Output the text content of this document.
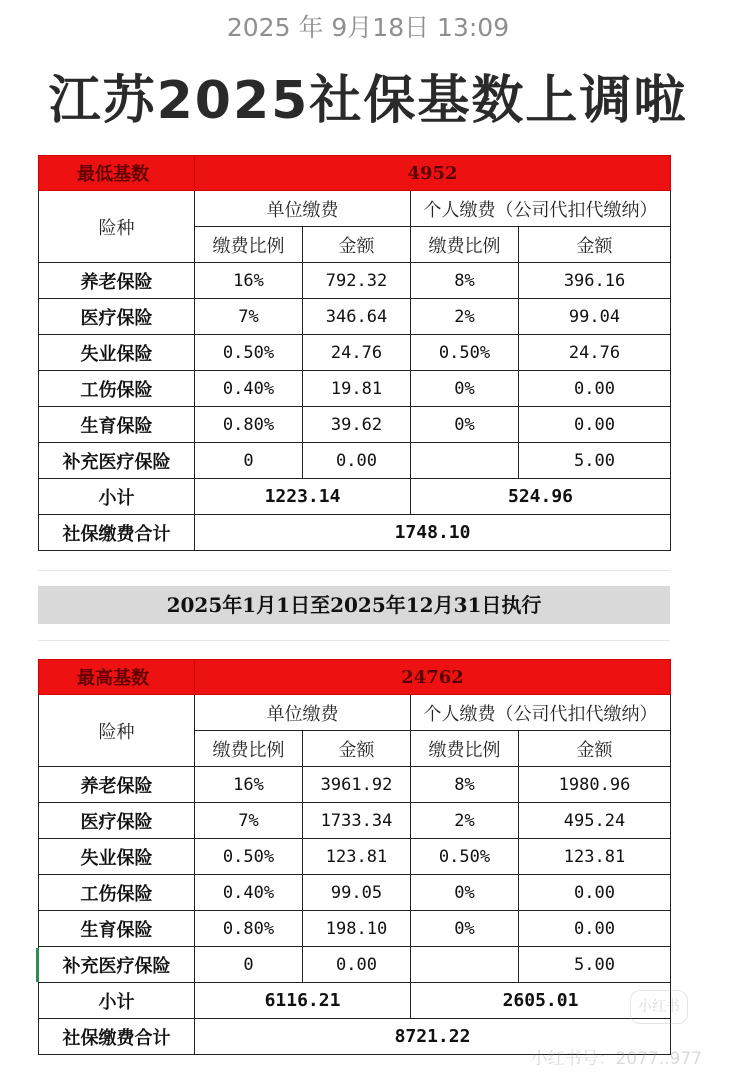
2025 年 9月18日 13:09
江苏2025社保基数上调啦
最低基数	4952			
险种	单位缴费		个人缴费（公司代扣代缴纳）	
	缴费比例	金额	缴费比例	金额
养老保险	16%	792.32	8%	396.16
医疗保险	7%	346.64	2%	99.04
失业保险	0.50%	24.76	0.50%	24.76
工伤保险	0.40%	19.81	0%	0.00
生育保险	0.80%	39.62	0%	0.00
补充医疗保险	0	0.00		5.00
小计	1223.14		524.96	
社保缴费合计	1748.10			
2025年1月1日至2025年12月31日执行
最高基数	24762			
险种	单位缴费		个人缴费（公司代扣代缴纳）	
	缴费比例	金额	缴费比例	金额
养老保险	16%	3961.92	8%	1980.96
医疗保险	7%	1733.34	2%	495.24
失业保险	0.50%	123.81	0.50%	123.81
工伤保险	0.40%	99.05	0%	0.00
生育保险	0.80%	198.10	0%	0.00
补充医疗保险	0	0.00		5.00
小计	6116.21		2605.01	
社保缴费合计	8721.22			
小红书
小红书号：2077..977
